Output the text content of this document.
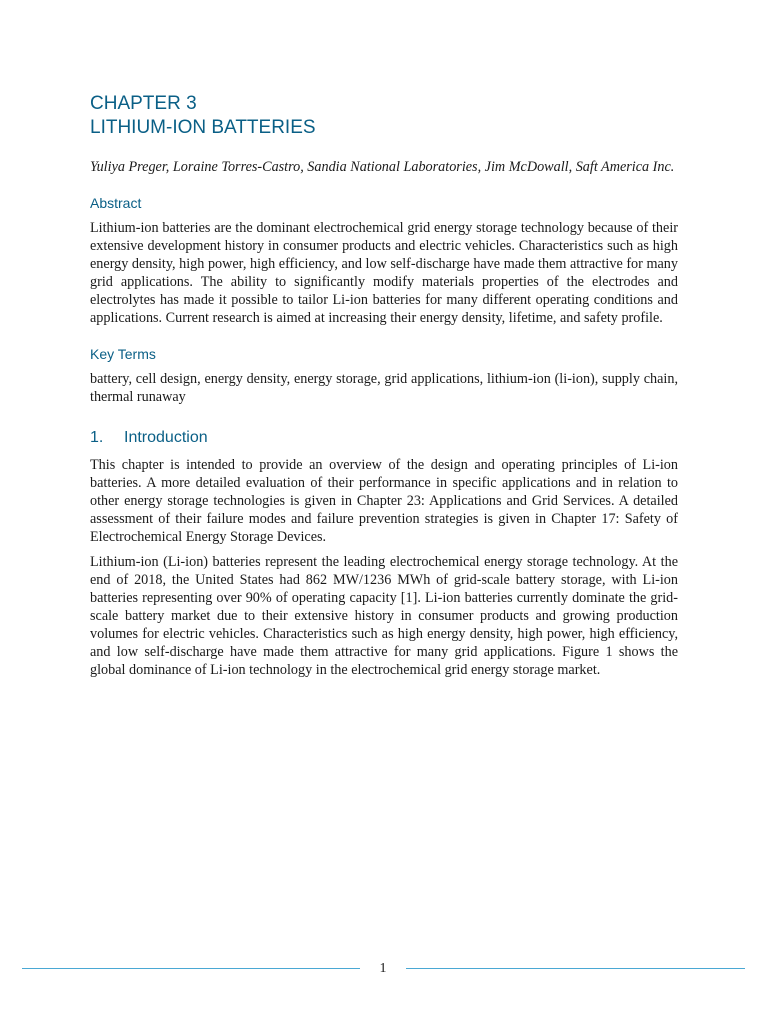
CHAPTER 3
LITHIUM-ION BATTERIES

Yuliya Preger, Loraine Torres-Castro, Sandia National Laboratories, Jim McDowall, Saft America Inc.

Abstract

Lithium-ion batteries are the dominant electrochemical grid energy storage technology because of their extensive development history in consumer products and electric vehicles. Characteristics such as high energy density, high power, high efficiency, and low self-discharge have made them attractive for many grid applications. The ability to significantly modify materials properties of the electrodes and electrolytes has made it possible to tailor Li-ion batteries for many different operating conditions and applications. Current research is aimed at increasing their energy density, lifetime, and safety profile.

Key Terms

battery, cell design, energy density, energy storage, grid applications, lithium-ion (li-ion), supply chain, thermal runaway

1. Introduction

This chapter is intended to provide an overview of the design and operating principles of Li-ion batteries. A more detailed evaluation of their performance in specific applications and in relation to other energy storage technologies is given in Chapter 23: Applications and Grid Services. A detailed assessment of their failure modes and failure prevention strategies is given in Chapter 17: Safety of Electrochemical Energy Storage Devices.

Lithium-ion (Li-ion) batteries represent the leading electrochemical energy storage technology. At the end of 2018, the United States had 862 MW/1236 MWh of grid-scale battery storage, with Li-ion batteries representing over 90% of operating capacity [1]. Li-ion batteries currently dominate the grid-scale battery market due to their extensive history in consumer products and growing production volumes for electric vehicles. Characteristics such as high energy density, high power, high efficiency, and low self-discharge have made them attractive for many grid applications. Figure 1 shows the global dominance of Li-ion technology in the electrochemical grid energy storage market.

1
